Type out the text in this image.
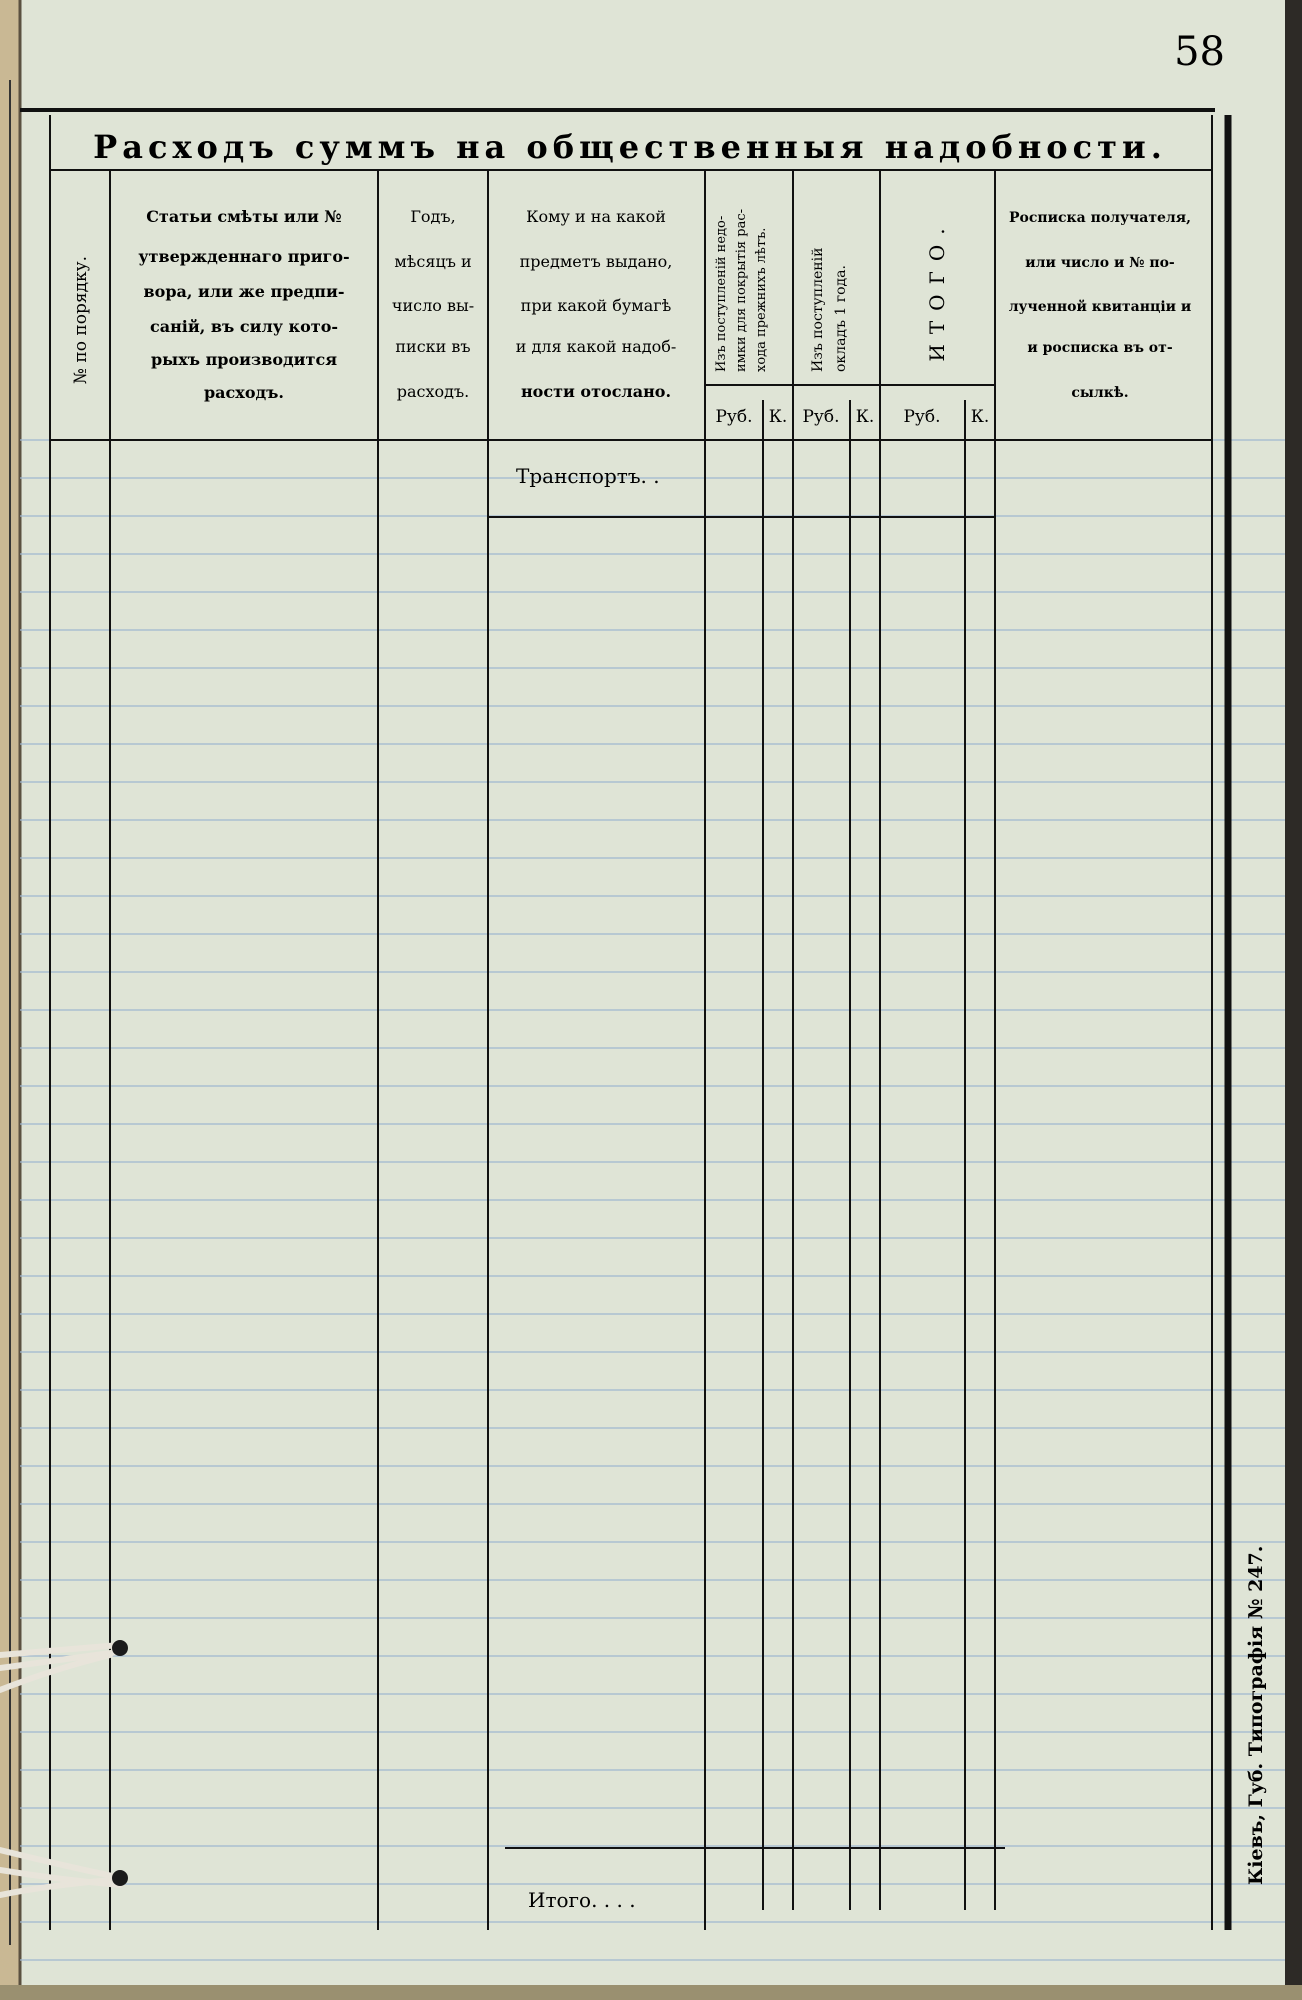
58
Расходъ суммъ на общественныя надобности.
№ по порядку.
Статьи смѣты или №
утвержденнаго приго-
вора, или же предпи-
саній, въ силу кото-
рыхъ производится
расходъ.
Годъ,
мѣсяцъ и
число вы-
писки въ
расходъ.
Кому и на какой
предметъ выдано,
при какой бумагѣ
и для какой надоб-
ности отослано.
Изъ поступленій недо- имки для покрытія рас- хода прежнихъ лѣтъ.	Изъ поступленій окладъ 1 года.	ИТОГО.
Росписка получателя,
или число и № по-
лученной квитанціи и
и росписка въ от-
сылкѣ.
Руб. К. Руб. К. Руб. К.
Транспортъ. .
Итого. . . .
Кіевъ, Губ. Типографія № 247.
